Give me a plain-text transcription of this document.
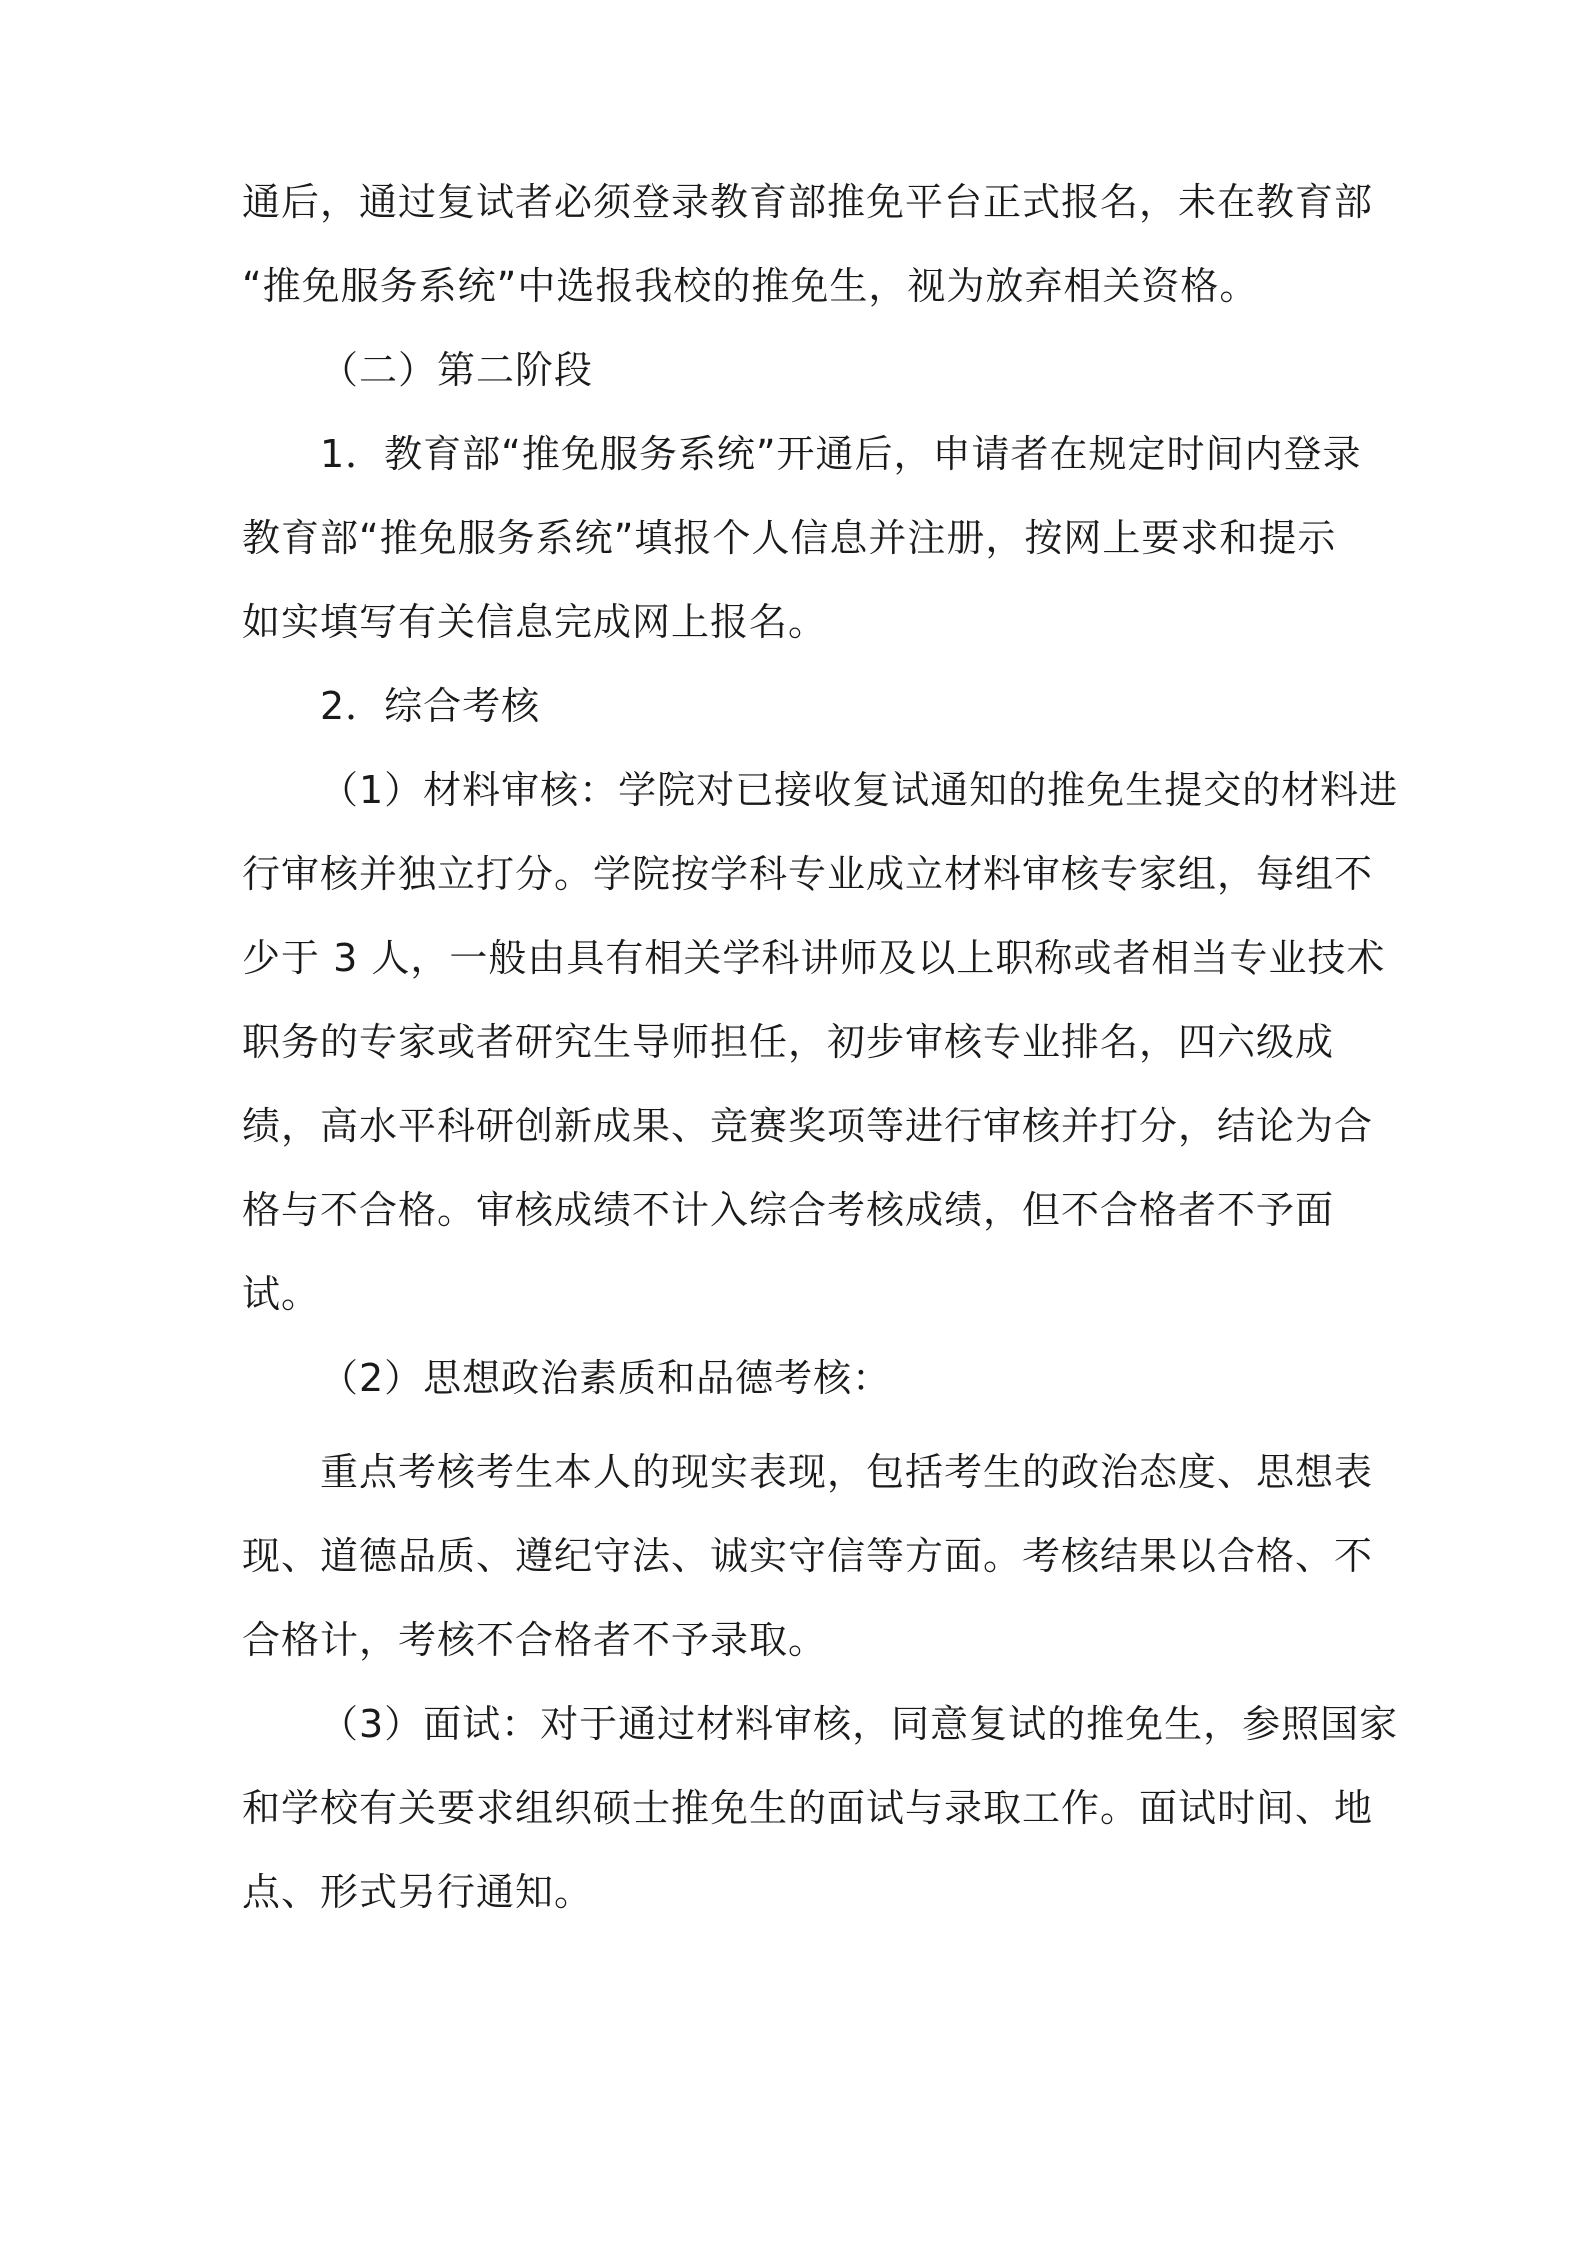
通后，通过复试者必须登录教育部推免平台正式报名，未在教育部

“推免服务系统”中选报我校的推免生，视为放弃相关资格。

（二）第二阶段

1．教育部“推免服务系统”开通后，申请者在规定时间内登录

教育部“推免服务系统”填报个人信息并注册，按网上要求和提示

如实填写有关信息完成网上报名。

2．综合考核

（1）材料审核：学院对已接收复试通知的推免生提交的材料进

行审核并独立打分。学院按学科专业成立材料审核专家组，每组不

少于 3 人，一般由具有相关学科讲师及以上职称或者相当专业技术

职务的专家或者研究生导师担任，初步审核专业排名，四六级成

绩，高水平科研创新成果、竞赛奖项等进行审核并打分，结论为合

格与不合格。审核成绩不计入综合考核成绩，但不合格者不予面

试。

（2）思想政治素质和品德考核：

重点考核考生本人的现实表现，包括考生的政治态度、思想表

现、道德品质、遵纪守法、诚实守信等方面。考核结果以合格、不

合格计，考核不合格者不予录取。

（3）面试：对于通过材料审核，同意复试的推免生，参照国家

和学校有关要求组织硕士推免生的面试与录取工作。面试时间、地

点、形式另行通知。
